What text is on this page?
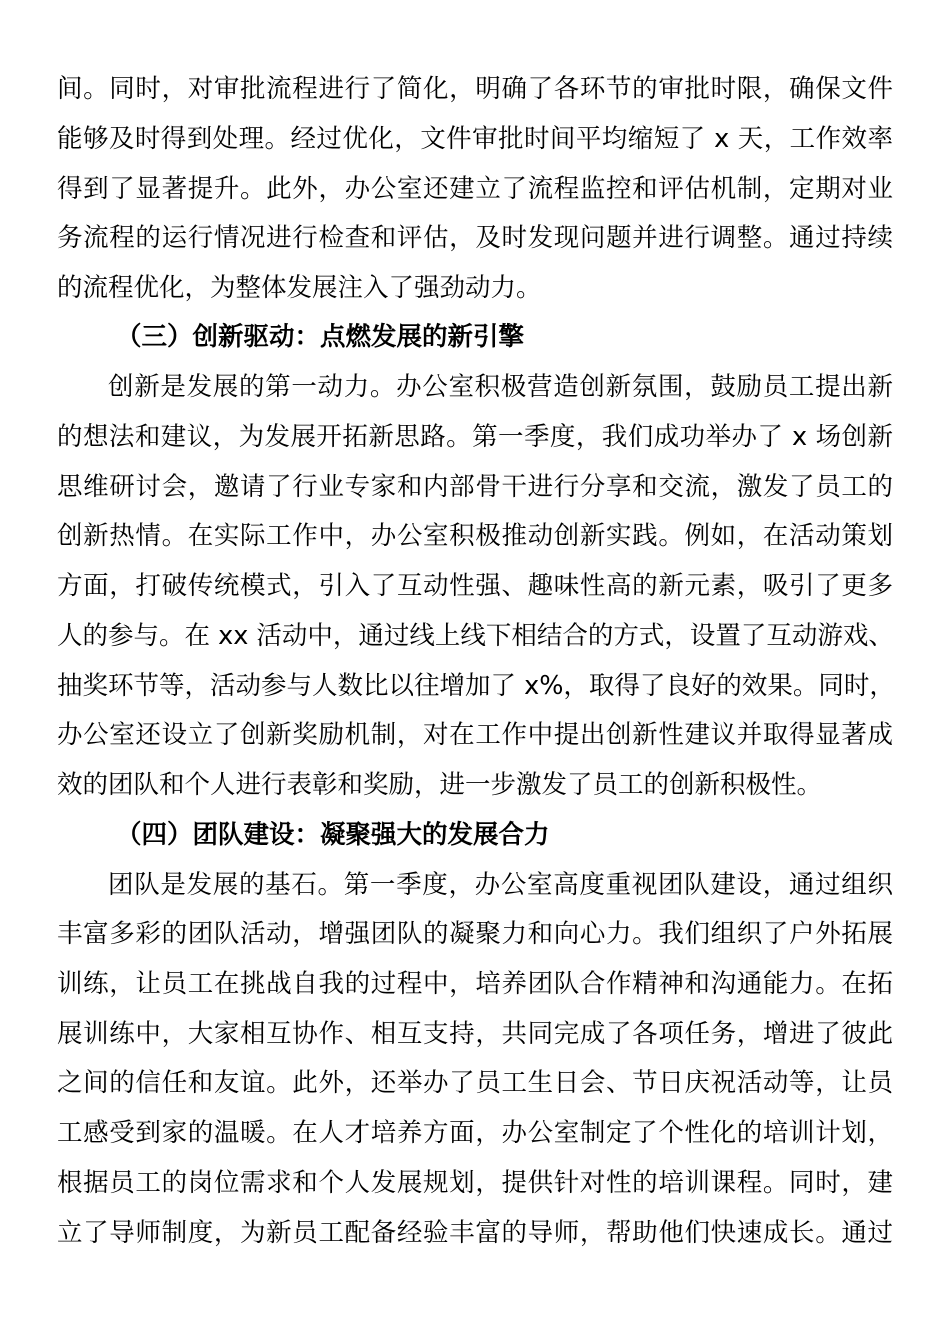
间。同时，对审批流程进行了简化，明确了各环节的审批时限，确保文件
能够及时得到处理。经过优化，文件审批时间平均缩短了 x 天，工作效率
得到了显著提升。此外，办公室还建立了流程监控和评估机制，定期对业
务流程的运行情况进行检查和评估，及时发现问题并进行调整。通过持续
的流程优化，为整体发展注入了强劲动力。
（三）创新驱动：点燃发展的新引擎
创新是发展的第一动力。办公室积极营造创新氛围，鼓励员工提出新
的想法和建议，为发展开拓新思路。第一季度，我们成功举办了 x 场创新
思维研讨会，邀请了行业专家和内部骨干进行分享和交流，激发了员工的
创新热情。在实际工作中，办公室积极推动创新实践。例如，在活动策划
方面，打破传统模式，引入了互动性强、趣味性高的新元素，吸引了更多
人的参与。在 xx 活动中，通过线上线下相结合的方式，设置了互动游戏、
抽奖环节等，活动参与人数比以往增加了 x%，取得了良好的效果。同时，
办公室还设立了创新奖励机制，对在工作中提出创新性建议并取得显著成
效的团队和个人进行表彰和奖励，进一步激发了员工的创新积极性。
（四）团队建设：凝聚强大的发展合力
团队是发展的基石。第一季度，办公室高度重视团队建设，通过组织
丰富多彩的团队活动，增强团队的凝聚力和向心力。我们组织了户外拓展
训练，让员工在挑战自我的过程中，培养团队合作精神和沟通能力。在拓
展训练中，大家相互协作、相互支持，共同完成了各项任务，增进了彼此
之间的信任和友谊。此外，还举办了员工生日会、节日庆祝活动等，让员
工感受到家的温暖。在人才培养方面，办公室制定了个性化的培训计划，
根据员工的岗位需求和个人发展规划，提供针对性的培训课程。同时，建
立了导师制度，为新员工配备经验丰富的导师，帮助他们快速成长。通过
